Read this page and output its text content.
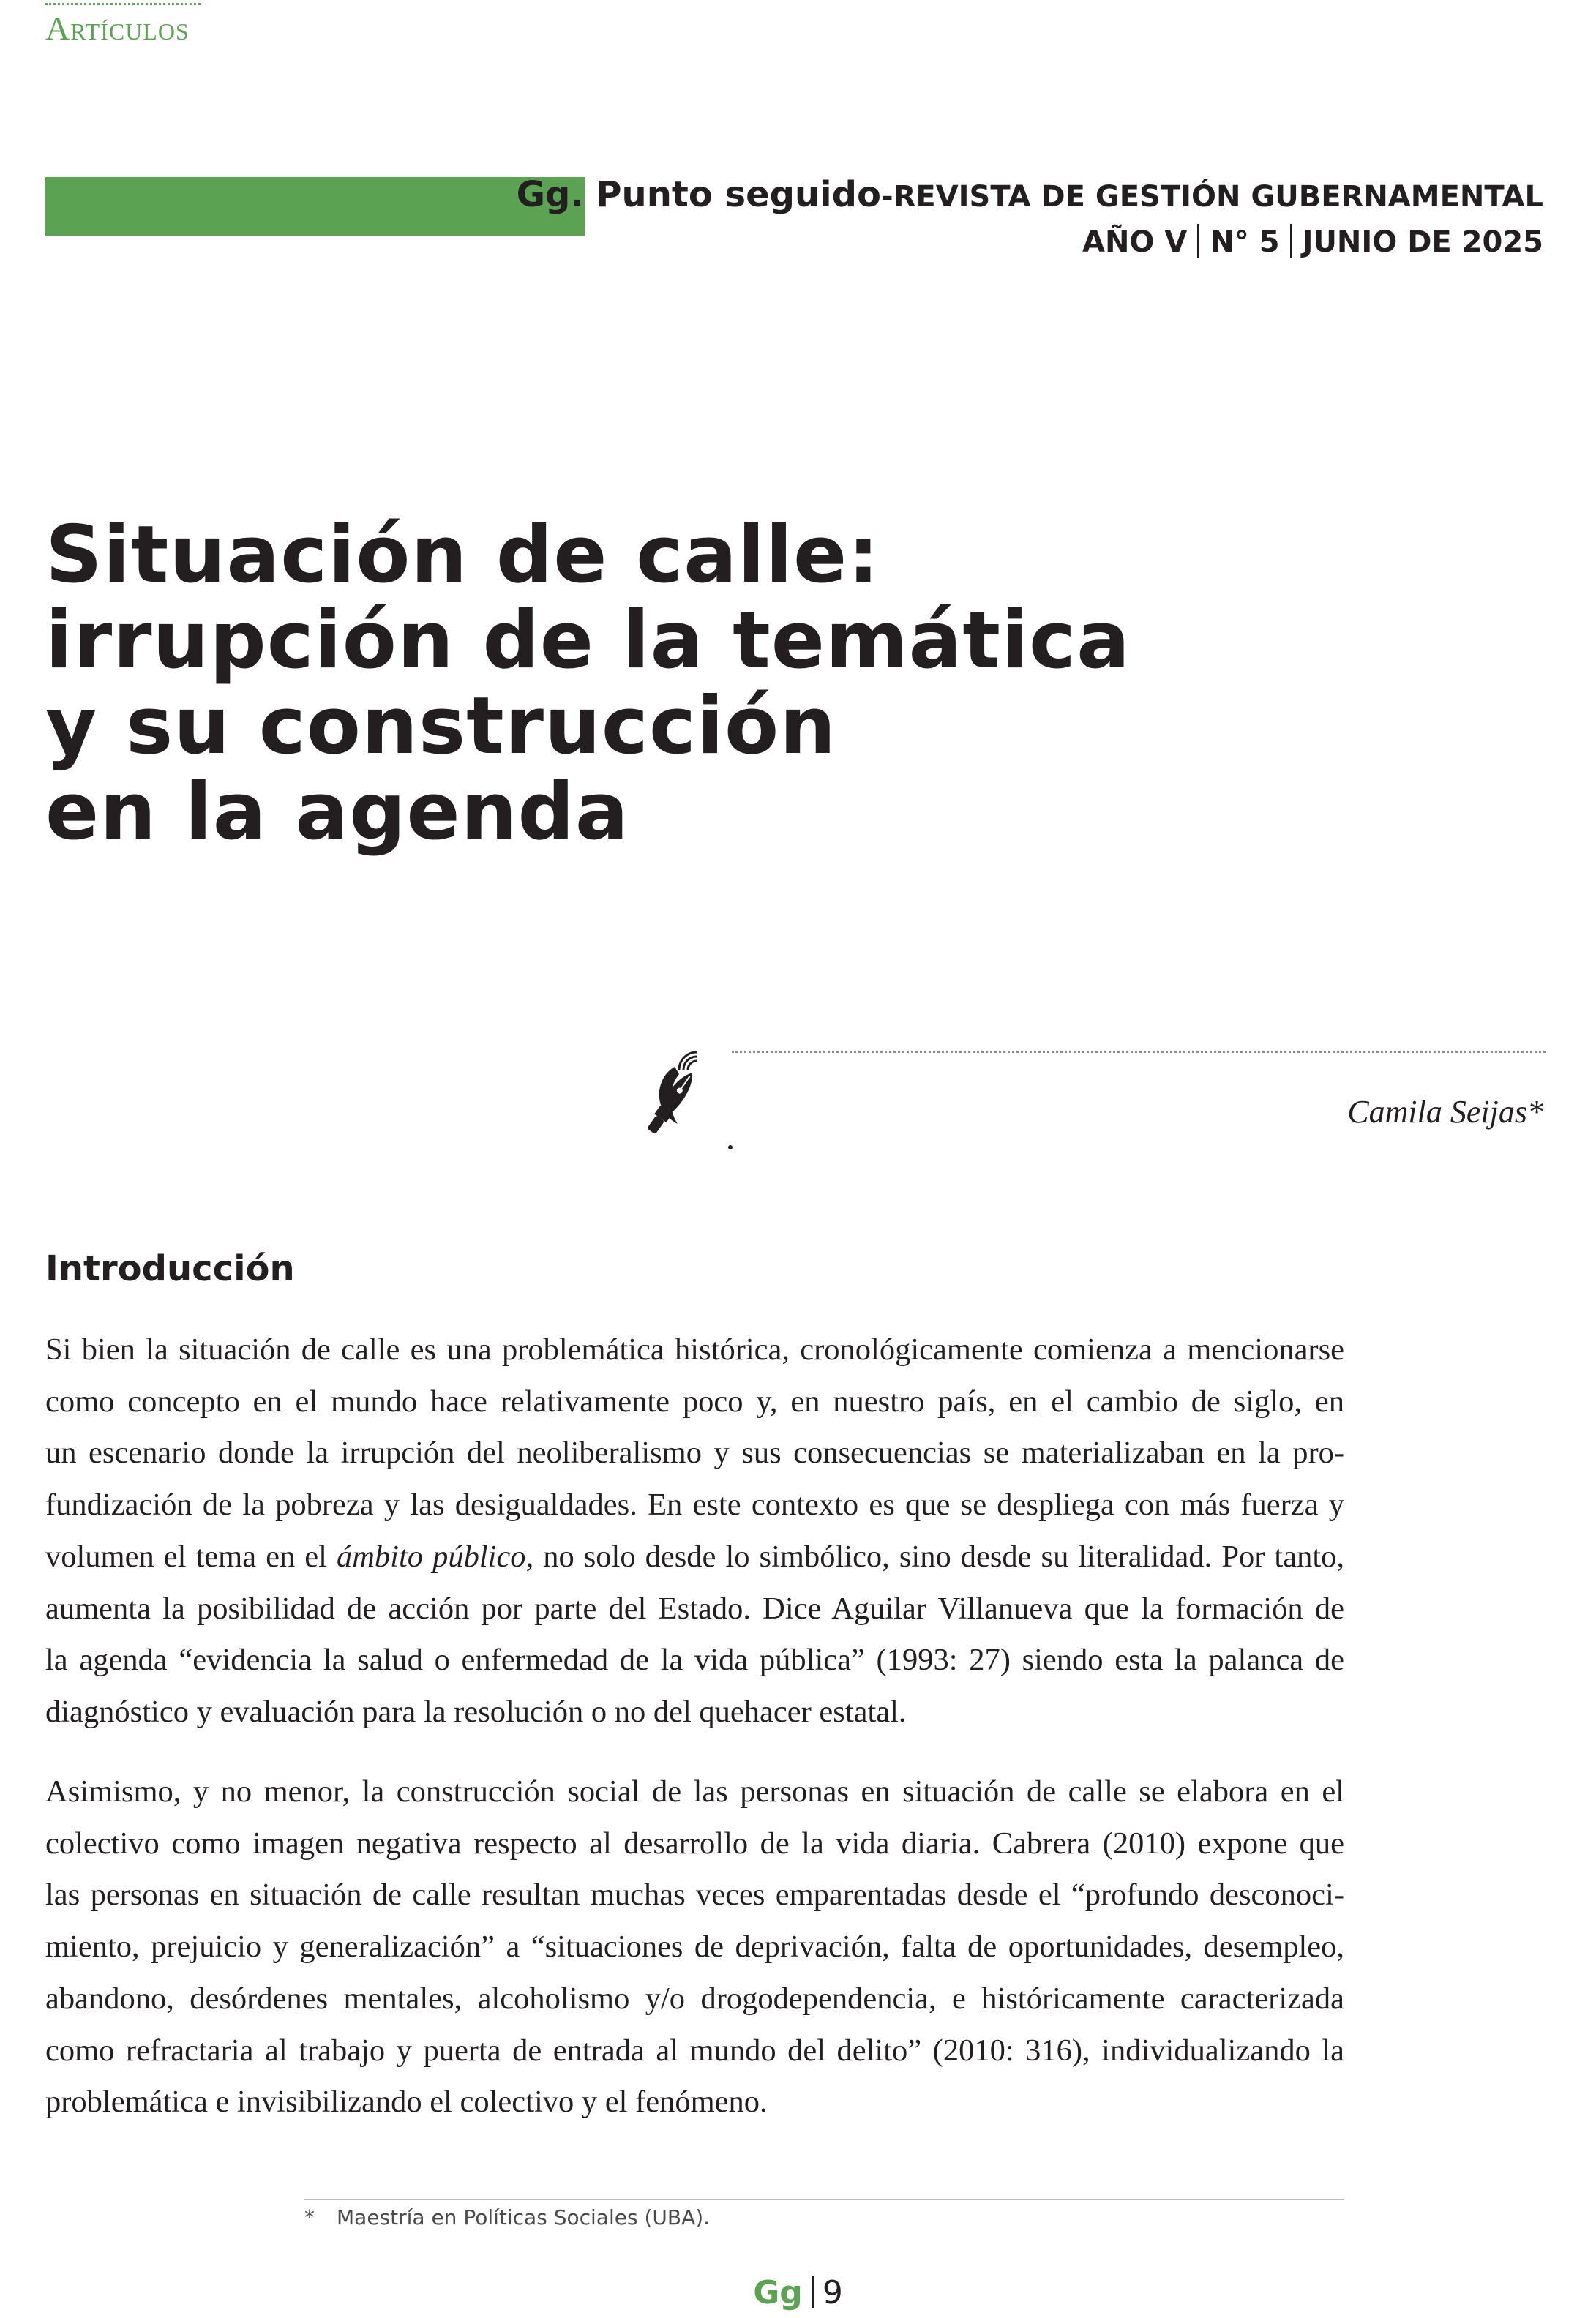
Artículos
Gg. Punto seguido-REVISTA DE GESTIÓN GUBERNAMENTAL
AÑO V N° 5 JUNIO DE 2025
Situación de calle:
irrupción de la temática
y su construcción
en la agenda
Camila Seijas*
Introducción
Si bien la situación de calle es una problemática histórica, cronológicamente comienza a mencionarse
como concepto en el mundo hace relativamente poco y, en nuestro país, en el cambio de siglo, en
un escenario donde la irrupción del neoliberalismo y sus consecuencias se materializaban en la pro-
fundización de la pobreza y las desigualdades. En este contexto es que se despliega con más fuerza y
volumen el tema en el ámbito público, no solo desde lo simbólico, sino desde su literalidad. Por tanto,
aumenta la posibilidad de acción por parte del Estado. Dice Aguilar Villanueva que la formación de
la agenda “evidencia la salud o enfermedad de la vida pública” (1993: 27) siendo esta la palanca de
diagnóstico y evaluación para la resolución o no del quehacer estatal.
Asimismo, y no menor, la construcción social de las personas en situación de calle se elabora en el
colectivo como imagen negativa respecto al desarrollo de la vida diaria. Cabrera (2010) expone que
las personas en situación de calle resultan muchas veces emparentadas desde el “profundo desconoci-
miento, prejuicio y generalización” a “situaciones de deprivación, falta de oportunidades, desempleo,
abandono, desórdenes mentales, alcoholismo y/o drogodependencia, e históricamente caracterizada
como refractaria al trabajo y puerta de entrada al mundo del delito” (2010: 316), individualizando la
problemática e invisibilizando el colectivo y el fenómeno.
* Maestría en Políticas Sociales (UBA).
Gg 9
